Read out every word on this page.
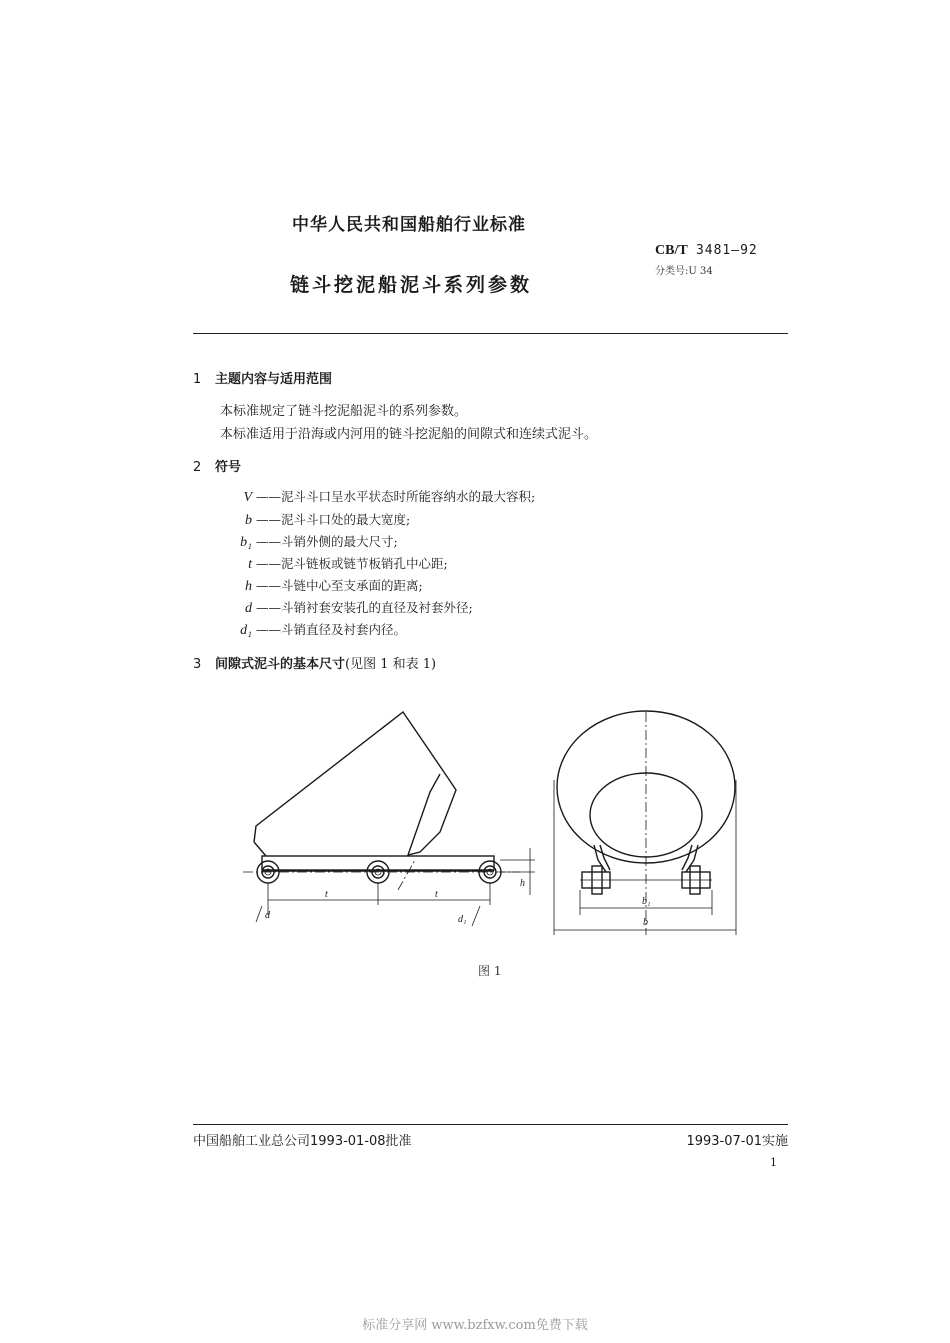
中华人民共和国船舶行业标准
CB/T 3481—92
分类号:U 34
链斗挖泥船泥斗系列参数
1 主题内容与适用范围
本标准规定了链斗挖泥船泥斗的系列参数。
本标准适用于沿海或内河用的链斗挖泥船的间隙式和连续式泥斗。
2 符号
V ——泥斗斗口呈水平状态时所能容纳水的最大容积;
b ——泥斗斗口处的最大宽度;
b₁ ——斗销外侧的最大尺寸;
t ——泥斗链板或链节板销孔中心距;
h ——斗链中心至支承面的距离;
d ——斗销衬套安装孔的直径及衬套外径;
d₁ ——斗销直径及衬套内径。
3 间隙式泥斗的基本尺寸(见图 1 和表 1)
t	t
d	d₁
h
b₁
b
图 1
中国船舶工业总公司1993-01-08批准	1993-07-01实施
1
标准分享网 www.bzfxw.com免费下载
